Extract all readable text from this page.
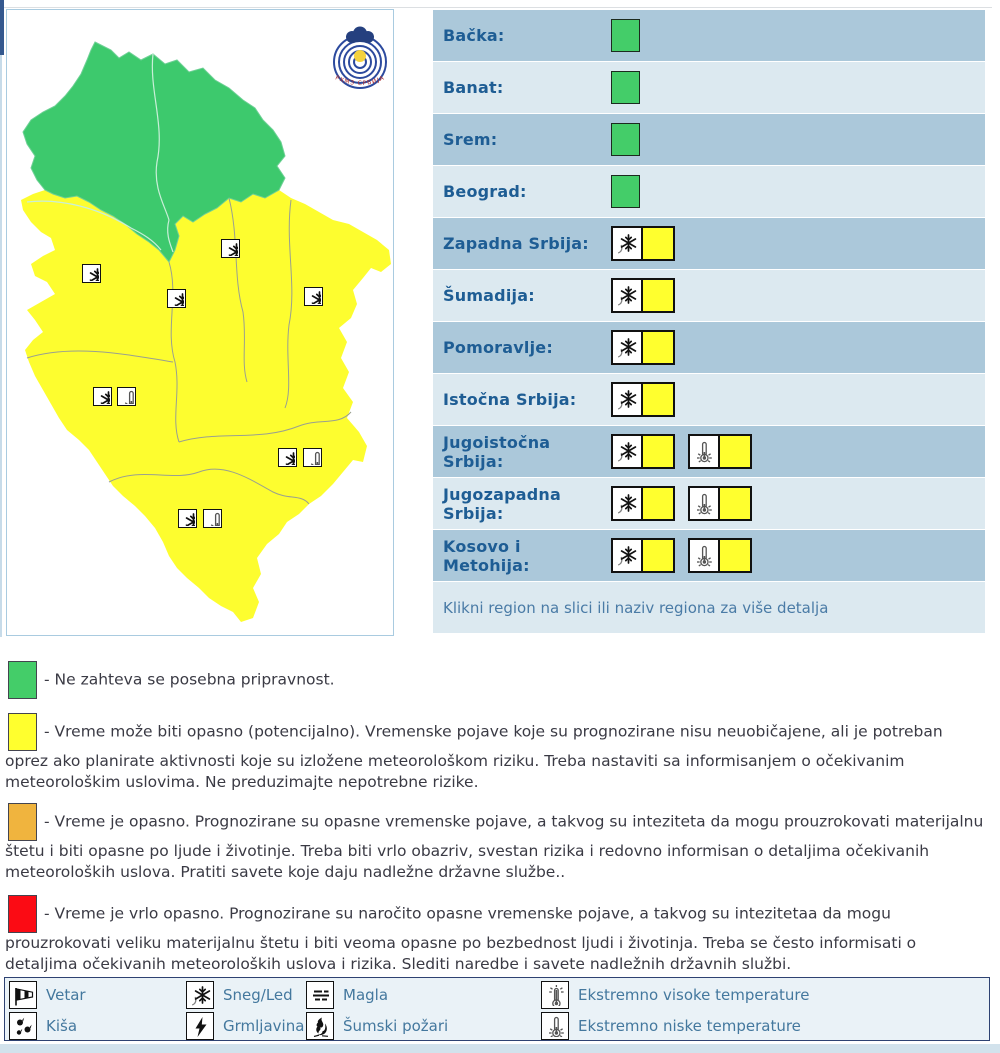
РХМЗ СРБИЈА
Bačka:
Banat:
Srem:
Beograd:
Zapadna Srbija:
Šumadija:
Pomoravlje:
Istočna Srbija:
Jugoistočna Srbija:
Jugozapadna Srbija:
Kosovo i Metohija:
Klikni region na slici ili naziv regiona za više detalja

- Ne zahteva se posebna pripravnost.

- Vreme može biti opasno (potencijalno). Vremenske pojave koje su prognozirane nisu neuobičajene, ali je potreban oprez ako planirate aktivnosti koje su izložene meteorološkom riziku. Treba nastaviti sa informisanjem o očekivanim meteorološkim uslovima. Ne preduzimajte nepotrebne rizike.

- Vreme je opasno. Prognozirane su opasne vremenske pojave, a takvog su inteziteta da mogu prouzrokovati materijalnu štetu i biti opasne po ljude i životinje. Treba biti vrlo obazriv, svestan rizika i redovno informisan o detaljima očekivanih meteoroloških uslova. Pratiti savete koje daju nadležne državne službe..

- Vreme je vrlo opasno. Prognozirane su naročito opasne vremenske pojave, a takvog su intezitetaa da mogu prouzrokovati veliku materijalnu štetu i biti veoma opasne po bezbednost ljudi i životinja. Treba se često informisati o detaljima očekivanih meteoroloških uslova i rizika. Slediti naredbe i savete nadležnih državnih službi.

Vetar	Sneg/Led	Magla	Ekstremno visoke temperature
Kiša	Grmljavina	Šumski požari	Ekstremno niske temperature
